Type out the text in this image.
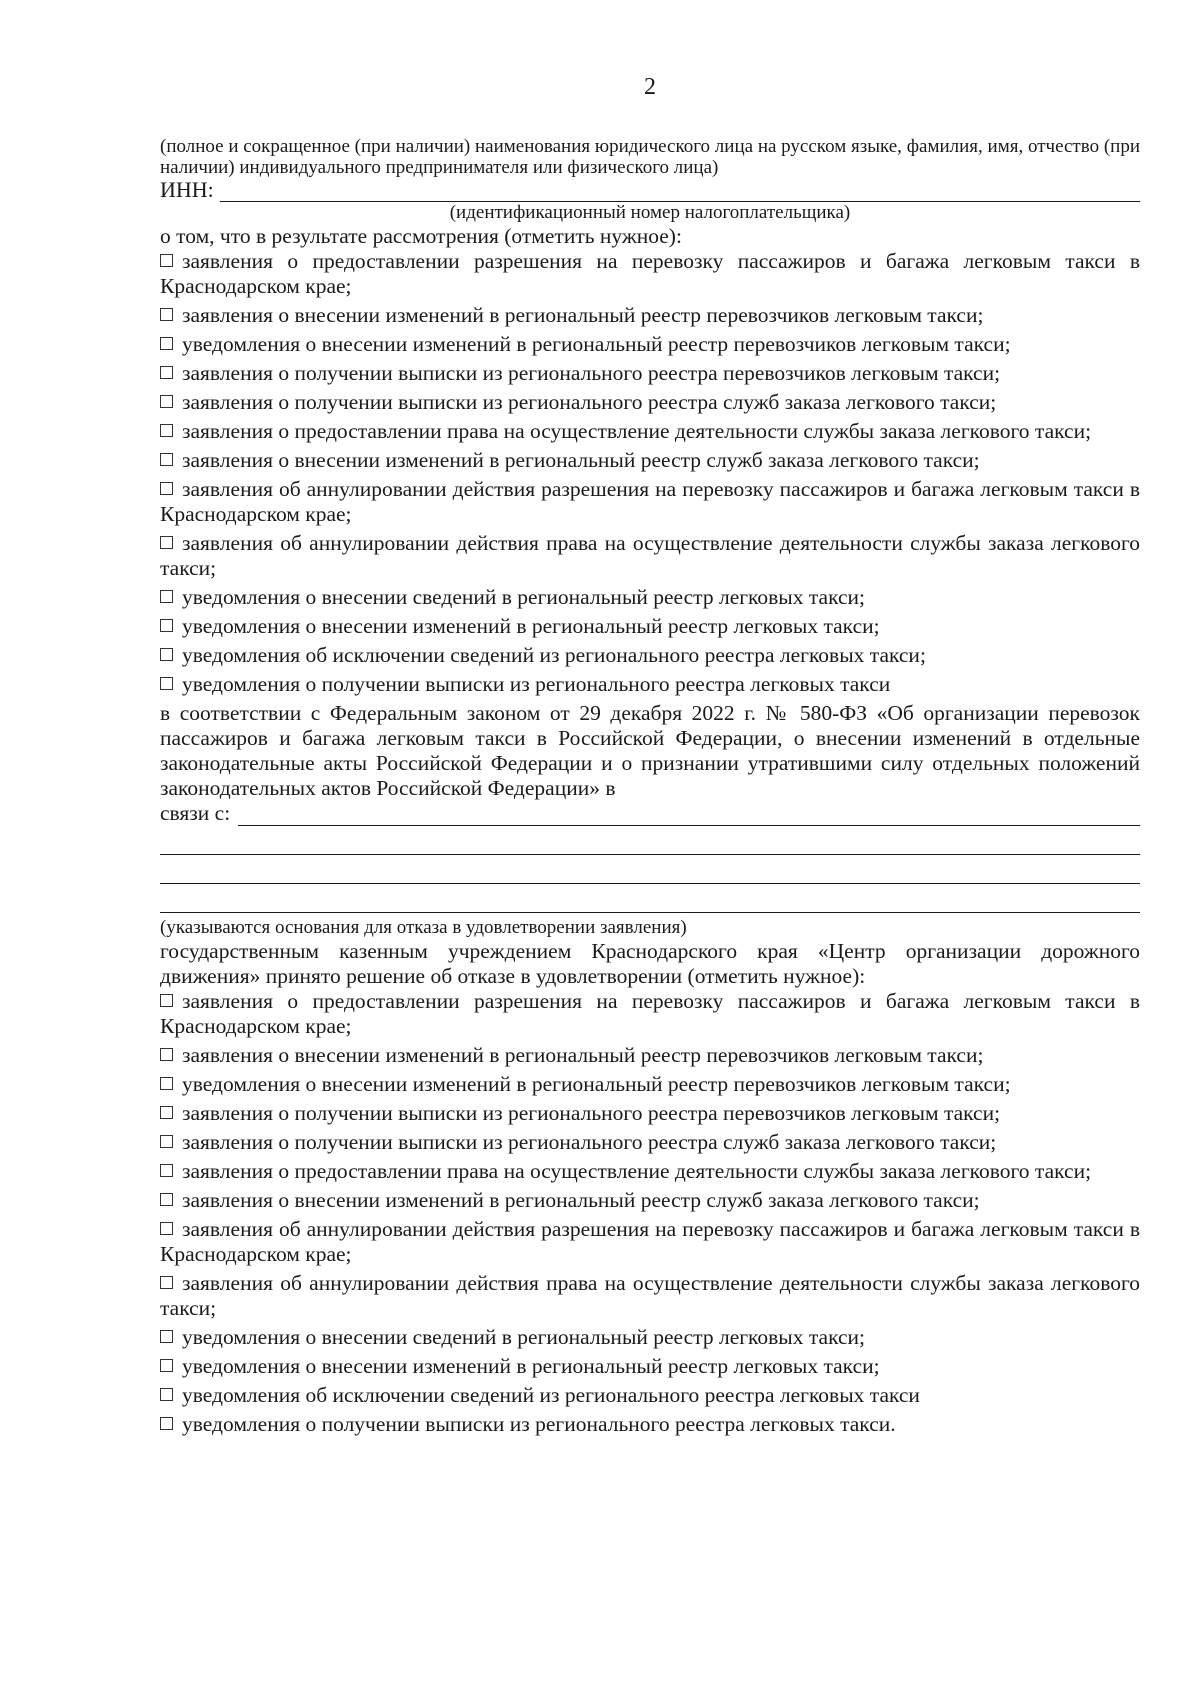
2

(полное и сокращенное (при наличии) наименования юридического лица на русском языке, фамилия, имя, отчество (при наличии) индивидуального предпринимателя или физического лица)

ИНН:

(идентификационный номер налогоплательщика)

о том, что в результате рассмотрения (отметить нужное):

заявления о предоставлении разрешения на перевозку пассажиров и багажа легковым такси в Краснодарском крае;
заявления о внесении изменений в региональный реестр перевозчиков легковым такси;
уведомления о внесении изменений в региональный реестр перевозчиков легковым такси;
заявления о получении выписки из регионального реестра перевозчиков легковым такси;
заявления о получении выписки из регионального реестра служб заказа легкового такси;
заявления о предоставлении права на осуществление деятельности службы заказа легкового такси;
заявления о внесении изменений в региональный реестр служб заказа легкового такси;
заявления об аннулировании действия разрешения на перевозку пассажиров и багажа легковым такси в Краснодарском крае;
заявления об аннулировании действия права на осуществление деятельности службы заказа легкового такси;
уведомления о внесении сведений в региональный реестр легковых такси;
уведомления о внесении изменений в региональный реестр легковых такси;
уведомления об исключении сведений из регионального реестра легковых такси;
уведомления о получении выписки из регионального реестра легковых такси

в соответствии с Федеральным законом от 29 декабря 2022 г. № 580-ФЗ «Об организации перевозок пассажиров и багажа легковым такси в Российской Федерации, о внесении изменений в отдельные законодательные акты Российской Федерации и о признании утратившими силу отдельных положений законодательных актов Российской Федерации» в

связи с:

(указываются основания для отказа в удовлетворении заявления)

государственным казенным учреждением Краснодарского края «Центр организации дорожного движения» принято решение об отказе в удовлетворении (отметить нужное):

заявления о предоставлении разрешения на перевозку пассажиров и багажа легковым такси в Краснодарском крае;
заявления о внесении изменений в региональный реестр перевозчиков легковым такси;
уведомления о внесении изменений в региональный реестр перевозчиков легковым такси;
заявления о получении выписки из регионального реестра перевозчиков легковым такси;
заявления о получении выписки из регионального реестра служб заказа легкового такси;
заявления о предоставлении права на осуществление деятельности службы заказа легкового такси;
заявления о внесении изменений в региональный реестр служб заказа легкового такси;
заявления об аннулировании действия разрешения на перевозку пассажиров и багажа легковым такси в Краснодарском крае;
заявления об аннулировании действия права на осуществление деятельности службы заказа легкового такси;
уведомления о внесении сведений в региональный реестр легковых такси;
уведомления о внесении изменений в региональный реестр легковых такси;
уведомления об исключении сведений из регионального реестра легковых такси
уведомления о получении выписки из регионального реестра легковых такси.
